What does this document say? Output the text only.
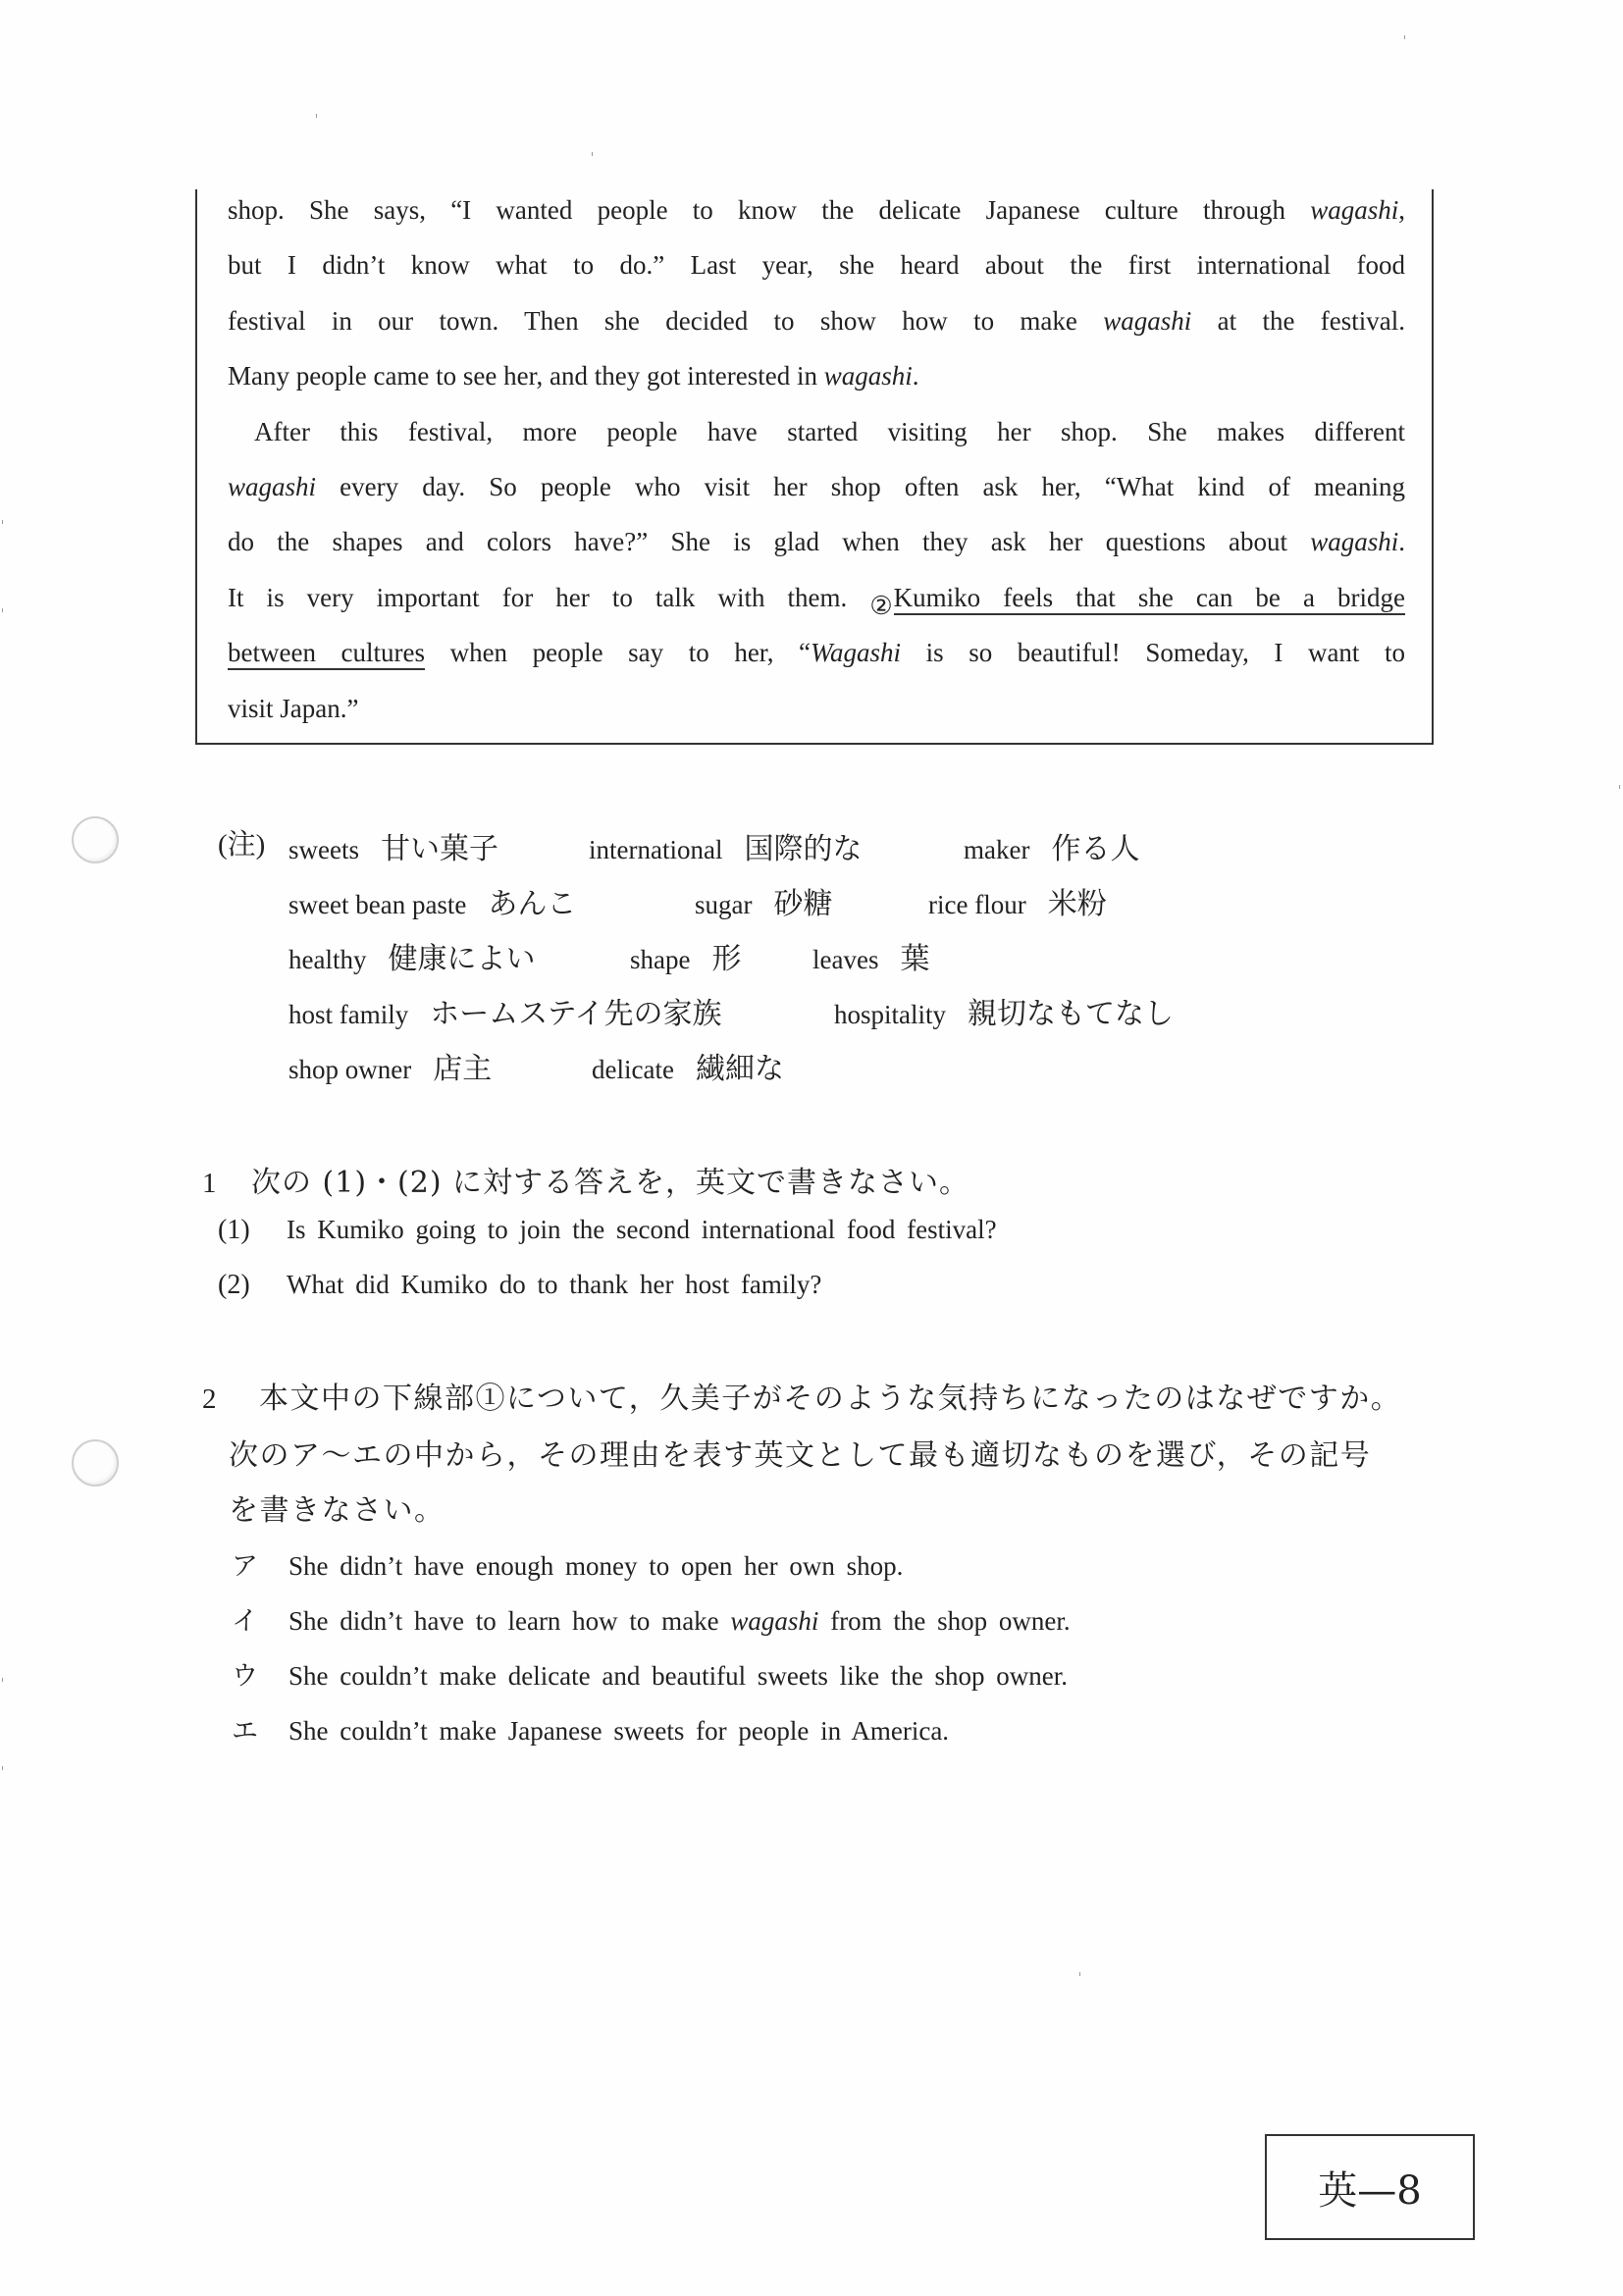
shop. She says, “I wanted people to know the delicate Japanese culture through wagashi,
but I didn’t know what to do.” Last year, she heard about the first international food
festival in our town. Then she decided to show how to make wagashi at the festival.
Many people came to see her, and they got interested in wagashi.
After this festival, more people have started visiting her shop. She makes different
wagashi every day. So people who visit her shop often ask her, “What kind of meaning
do the shapes and colors have?” She is glad when they ask her questions about wagashi.
It is very important for her to talk with them. ②Kumiko feels that she can be a bridge
between cultures when people say to her, “Wagashi is so beautiful! Someday, I want to
visit Japan.”
(注) sweets 甘い菓子	international 国際的な	maker 作る人
sweet bean paste あんこ	sugar 砂糖	rice flour 米粉
healthy 健康によい	shape 形	leaves 葉
host family ホームステイ先の家族	hospitality 親切なもてなし
shop owner 店主	delicate 繊細な
1 次の (1)・(2) に対する答えを，英文で書きなさい。
(1) Is Kumiko going to join the second international food festival?
(2) What did Kumiko do to thank her host family?
2 本文中の下線部①について，久美子がそのような気持ちになったのはなぜですか。
次のア～エの中から，その理由を表す英文として最も適切なものを選び，その記号
を書きなさい。
ア She didn’t have enough money to open her own shop.
イ She didn’t have to learn how to make wagashi from the shop owner.
ウ She couldn’t make delicate and beautiful sweets like the shop owner.
エ She couldn’t make Japanese sweets for people in America.
英—8
